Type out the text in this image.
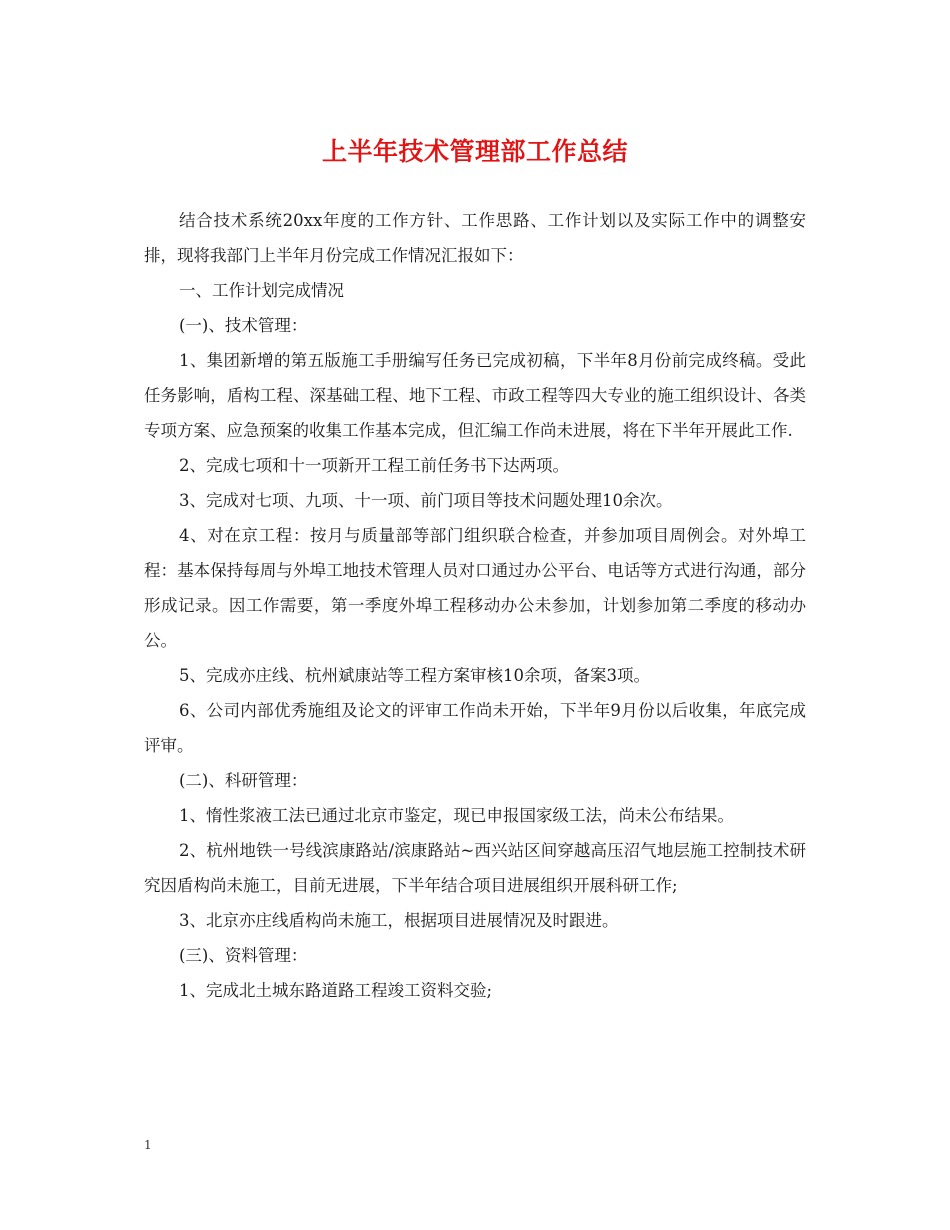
上半年技术管理部工作总结

结合技术系统20xx年度的工作方针、工作思路、工作计划以及实际工作中的调整安排，现将我部门上半年月份完成工作情况汇报如下：

一、工作计划完成情况

(一)、技术管理：

1、集团新增的第五版施工手册编写任务已完成初稿，下半年8月份前完成终稿。受此任务影响，盾构工程、深基础工程、地下工程、市政工程等四大专业的施工组织设计、各类专项方案、应急预案的收集工作基本完成，但汇编工作尚未进展，将在下半年开展此工作.

2、完成七项和十一项新开工程工前任务书下达两项。

3、完成对七项、九项、十一项、前门项目等技术问题处理10余次。

4、对在京工程：按月与质量部等部门组织联合检查，并参加项目周例会。对外埠工程：基本保持每周与外埠工地技术管理人员对口通过办公平台、电话等方式进行沟通，部分形成记录。因工作需要，第一季度外埠工程移动办公未参加，计划参加第二季度的移动办公。

5、完成亦庄线、杭州斌康站等工程方案审核10余项，备案3项。

6、公司内部优秀施组及论文的评审工作尚未开始，下半年9月份以后收集，年底完成评审。

(二)、科研管理：

1、惰性浆液工法已通过北京市鉴定，现已申报国家级工法，尚未公布结果。

2、杭州地铁一号线滨康路站/滨康路站~西兴站区间穿越高压沼气地层施工控制技术研究因盾构尚未施工，目前无进展，下半年结合项目进展组织开展科研工作;

3、北京亦庄线盾构尚未施工，根据项目进展情况及时跟进。

(三)、资料管理：

1、完成北土城东路道路工程竣工资料交验;

1
